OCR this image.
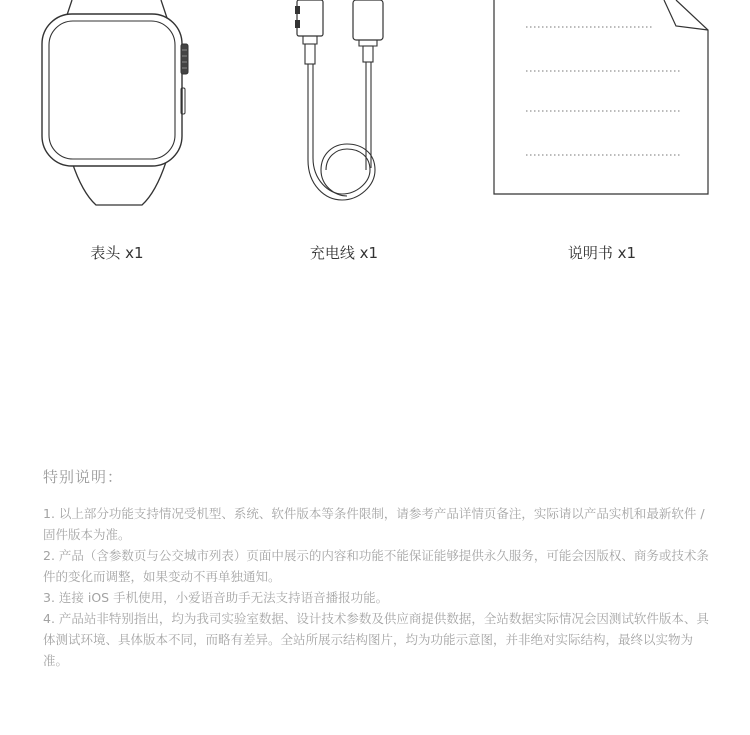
表头 x1	充电线 x1	说明书 x1
特别说明：
1. 以上部分功能支持情况受机型、系统、软件版本等条件限制，请参考产品详情页备注，实际请以产品实机和最新软件 / 固件版本为准。
2. 产品（含参数页与公交城市列表）页面中展示的内容和功能不能保证能够提供永久服务，可能会因版权、商务或技术条件的变化而调整，如果变动不再单独通知。
3. 连接 iOS 手机使用，小爱语音助手无法支持语音播报功能。
4. 产品站非特别指出，均为我司实验室数据、设计技术参数及供应商提供数据，全站数据实际情况会因测试软件版本、具体测试环境、具体版本不同，而略有差异。全站所展示结构图片，均为功能示意图，并非绝对实际结构，最终以实物为准。
